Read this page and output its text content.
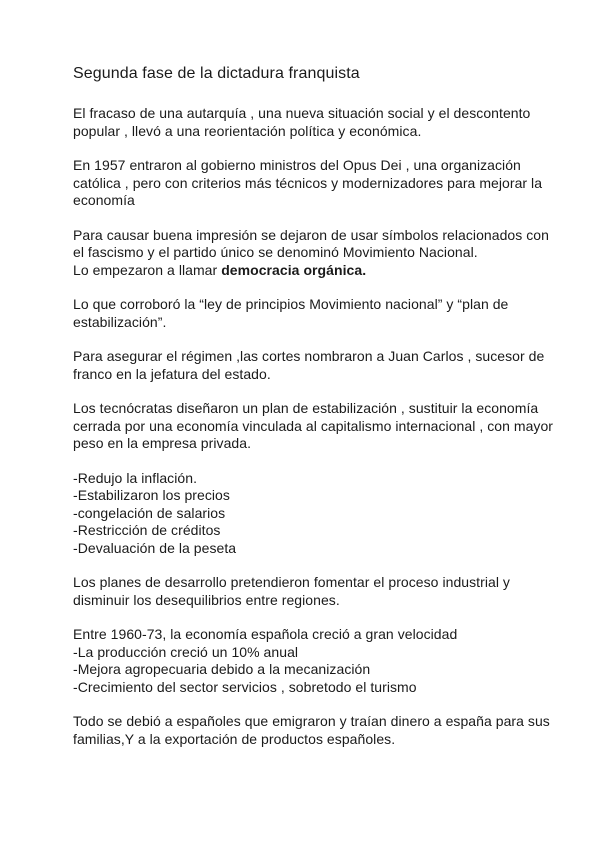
Segunda fase de la dictadura franquista
El fracaso de una autarquía , una nueva situación social y el descontento
popular , llevó a una reorientación política y económica.
En 1957 entraron al gobierno ministros del Opus Dei , una organización
católica , pero con criterios más técnicos y modernizadores para mejorar la
economía
Para causar buena impresión se dejaron de usar símbolos relacionados con
el fascismo y el partido único se denominó Movimiento Nacional.
Lo empezaron a llamar democracia orgánica.
Lo que corroboró la “ley de principios Movimiento nacional” y “plan de
estabilización”.
Para asegurar el régimen ,las cortes nombraron a Juan Carlos , sucesor de
franco en la jefatura del estado.
Los tecnócratas diseñaron un plan de estabilización , sustituir la economía
cerrada por una economía vinculada al capitalismo internacional , con mayor
peso en la empresa privada.
-Redujo la inflación.
-Estabilizaron los precios
-congelación de salarios
-Restricción de créditos
-Devaluación de la peseta
Los planes de desarrollo pretendieron fomentar el proceso industrial y
disminuir los desequilibrios entre regiones.
Entre 1960-73, la economía española creció a gran velocidad
-La producción creció un 10% anual
-Mejora agropecuaria debido a la mecanización
-Crecimiento del sector servicios , sobretodo el turismo
Todo se debió a españoles que emigraron y traían dinero a españa para sus
familias,Y a la exportación de productos españoles.
